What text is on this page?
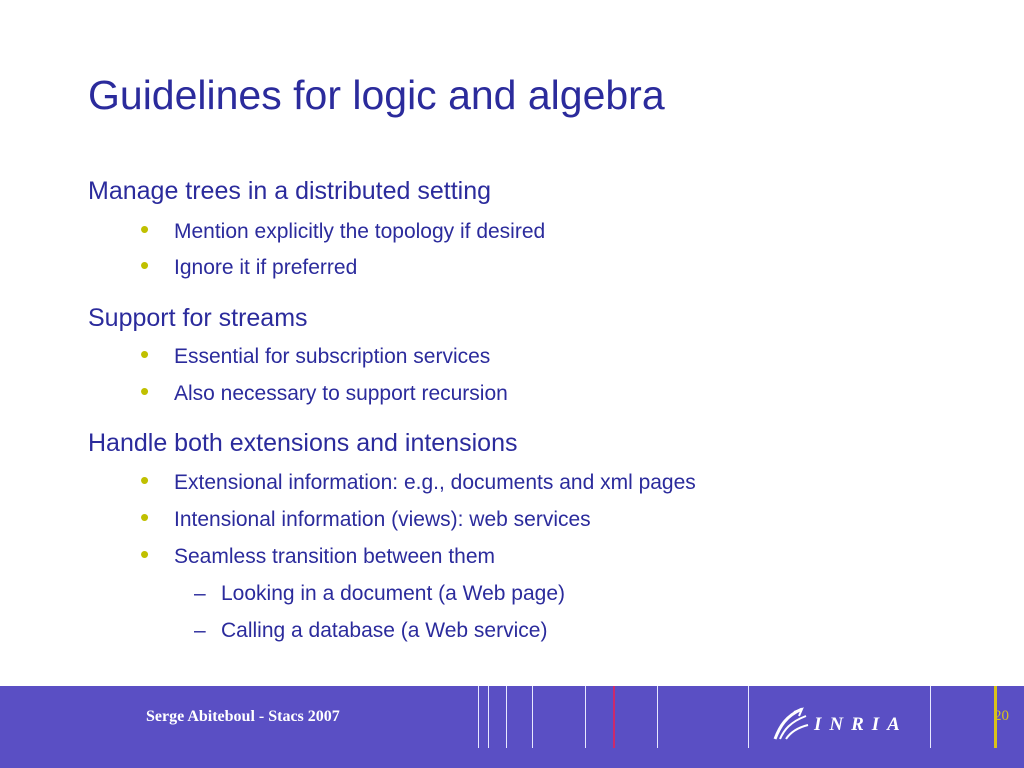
Guidelines for logic and algebra
Manage trees in a distributed setting
• Mention explicitly the topology if desired
• Ignore it if preferred
Support for streams
• Essential for subscription services
• Also necessary to support recursion
Handle both extensions and intensions
• Extensional information: e.g., documents and xml pages
• Intensional information (views): web services
• Seamless transition between them
– Looking in a document (a Web page)
– Calling a database (a Web service)
Serge Abiteboul - Stacs 2007	INRIA	20
